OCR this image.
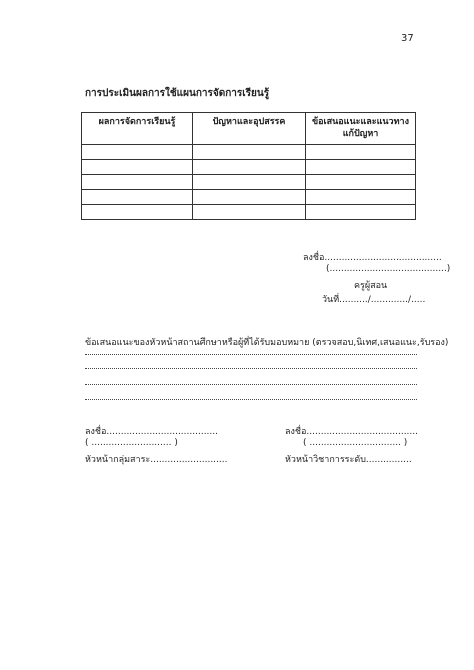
37
การประเมินผลการใช้แผนการจัดการเรียนรู้
ผลการจัดการเรียนรู้	ปัญหาและอุปสรรค	ข้อเสนอแนะและแนวทาง
แก้ปัญหา

ลงชื่อ.........................................
(.........................................)
ครูผู้สอน
วันที่........../............./.....
ข้อเสนอแนะของหัวหน้าสถานศึกษาหรือผู้ที่ได้รับมอบหมาย (ตรวจสอบ,นิเทศ,เสนอแนะ,รับรอง)
ลงชื่อ.......................................
( ............................ )
หัวหน้ากลุ่มสาระ...........................
ลงชื่อ.......................................
( ................................ )
หัวหน้าวิชาการระดับ................
